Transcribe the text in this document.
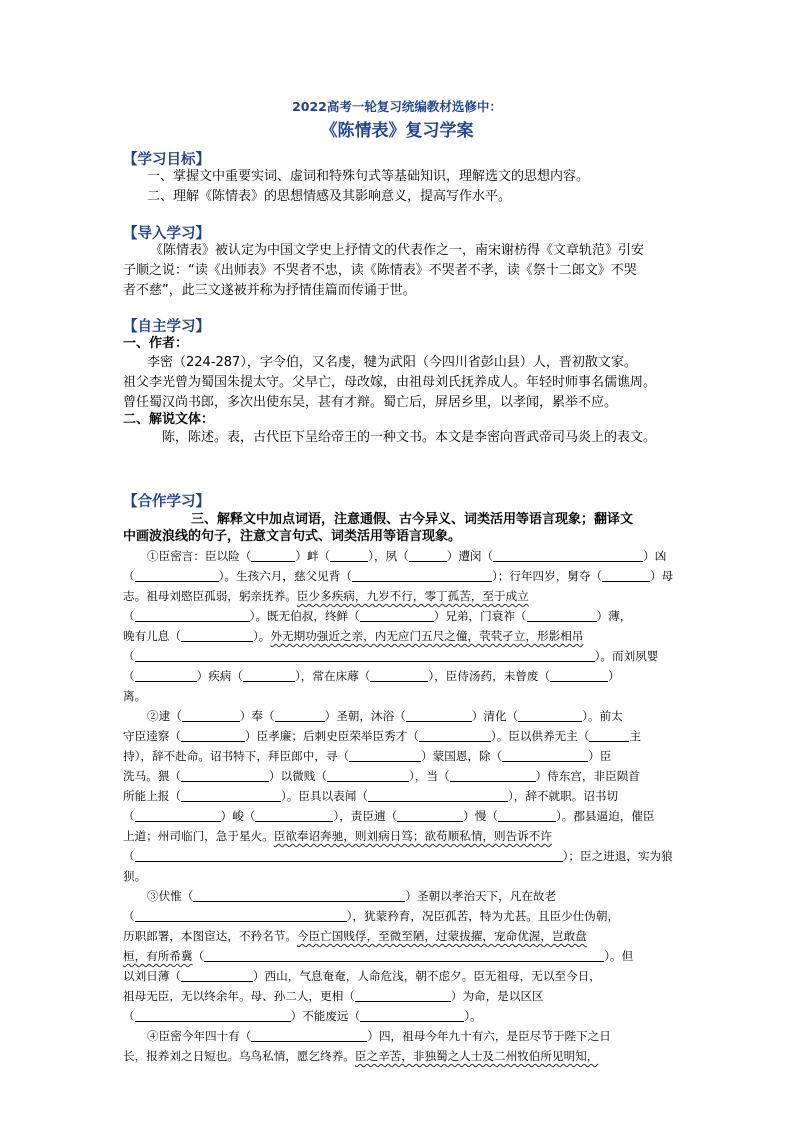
2022高考一轮复习统编教材选修中：
《陈情表》复习学案
【学习目标】
一、掌握文中重要实词、虚词和特殊句式等基础知识，理解选文的思想内容。
二、理解《陈情表》的思想情感及其影响意义，提高写作水平。
【导入学习】
《陈情表》被认定为中国文学史上抒情文的代表作之一，南宋谢枋得《文章轨范》引安
子顺之说：“读《出师表》不哭者不忠，读《陈情表》不哭者不孝，读《祭十二郎文》不哭
者不慈”，此三文遂被并称为抒情佳篇而传诵于世。
【自主学习】
一、作者：
李密（224-287），字令伯，又名虔，犍为武阳（今四川省彭山县）人，晋初散文家。
祖父李光曾为蜀国朱提太守。父早亡，母改嫁，由祖母刘氏抚养成人。年轻时师事名儒谯周。
曾任蜀汉尚书郎，多次出使东吴，甚有才辩。蜀亡后，屏居乡里，以孝闻，累举不应。
二、解说文体：
陈，陈述。表，古代臣下呈给帝王的一种文书。本文是李密向晋武帝司马炎上的表文。
【合作学习】
三、解释文中加点词语，注意通假、古今异义、词类活用等语言现象；翻译文
中画波浪线的句子，注意文言句式、词类活用等语言现象。
①臣密言：臣以险（	）衅（	），夙（	）遭闵（	）凶
（	）。生孩六月，慈父见背（	）；行年四岁，舅夺（	）母
志。祖母刘愍臣孤弱，躬亲抚养。臣少多疾病，九岁不行，零丁孤苦，至于成立
（	）。既无伯叔，终鲜（	）兄弟，门衰祚（	）薄，
晚有儿息（	）。外无期功强近之亲，内无应门五尺之僮，茕茕孑立，形影相吊
（	）。而刘夙婴
（	）疾病（	），常在床蓐（	），臣侍汤药，未曾废（	）
离。
②逮（	）奉（	）圣朝，沐浴（	）清化（	）。前太
守臣逵察（	）臣孝廉；后刺史臣荣举臣秀才（	）。臣以供养无主（	主
持），辞不赴命。诏书特下，拜臣郎中，寻（	）蒙国恩，除（	）臣
洗马。猥（	）以微贱（	），当（	）侍东宫，非臣陨首
所能上报（	）。臣具以表闻（	），辞不就职。诏书切
（	）峻（	），责臣逋（	）慢（	）。郡县逼迫，催臣
上道；州司临门，急于星火。臣欲奉诏奔驰，则刘病日笃；欲苟顺私情，则告诉不许
（	）；臣之进退，实为狼
狈。
③伏惟（	）圣朝以孝治天下，凡在故老
（	），犹蒙矜育，况臣孤苦，特为尤甚。且臣少仕伪朝，
历职郎署，本图宦达，不矜名节。今臣亡国贱俘，至微至陋，过蒙拔擢，宠命优渥，岂敢盘
桓，有所希冀（	）。但
以刘日薄（	）西山，气息奄奄，人命危浅，朝不虑夕。臣无祖母，无以至今日，
祖母无臣，无以终余年。母、孙二人，更相（	）为命，是以区区
（	）不能废远（	）。
④臣密今年四十有（	）四，祖母今年九十有六，是臣尽节于陛下之日
长，报养刘之日短也。乌鸟私情，愿乞终养。臣之辛苦，非独蜀之人士及二州牧伯所见明知，
